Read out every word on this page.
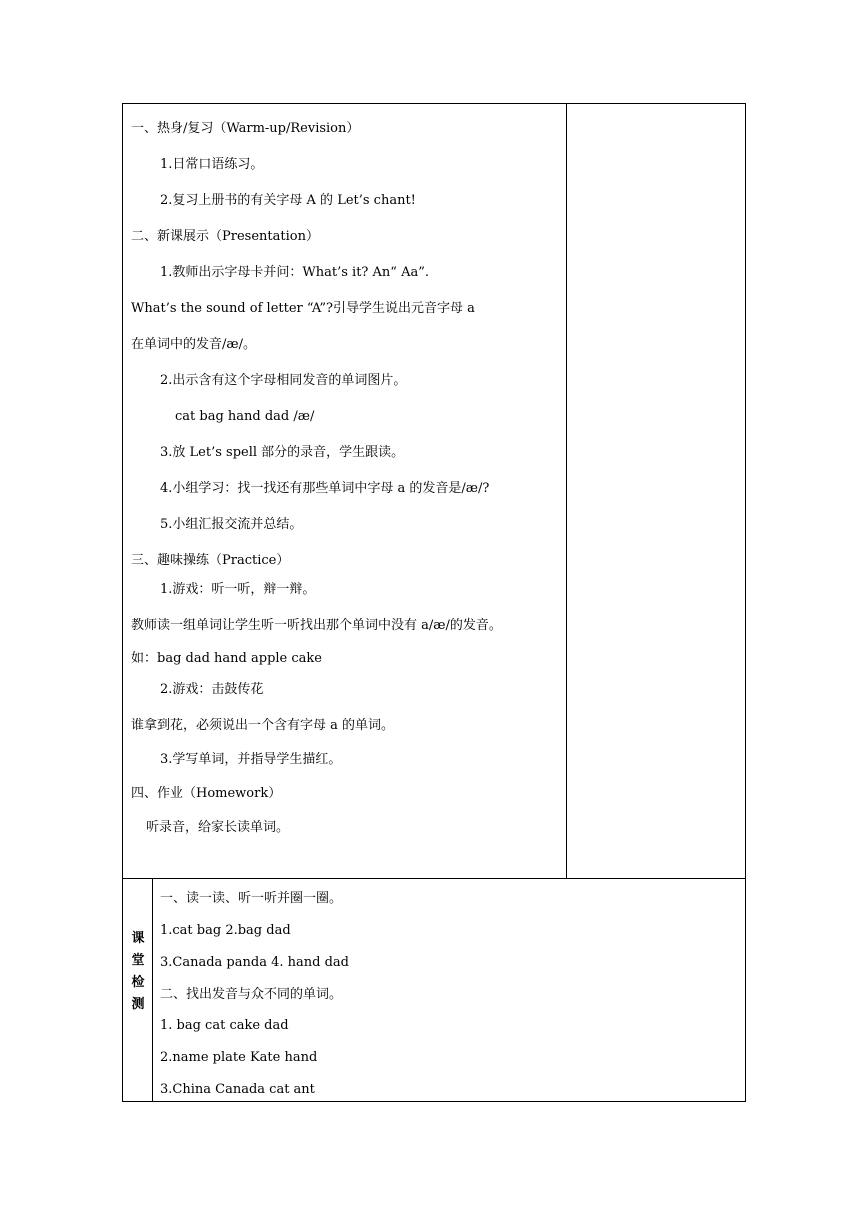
一、热身/复习（Warm-up/Revision）
1.日常口语练习。
2.复习上册书的有关字母 A 的 Let’s chant!
二、新课展示（Presentation）
1.教师出示字母卡并问：What’s it? An“ Aa”.
What’s the sound of letter “A”?引导学生说出元音字母 a
在单词中的发音/æ/。
2.出示含有这个字母相同发音的单词图片。
cat bag hand dad /æ/
3.放 Let’s spell 部分的录音，学生跟读。
4.小组学习：找一找还有那些单词中字母 a 的发音是/æ/?
5.小组汇报交流并总结。
三、趣味操练（Practice）
1.游戏：听一听，辩一辩。
教师读一组单词让学生听一听找出那个单词中没有 a/æ/的发音。
如：bag dad hand apple cake
2.游戏：击鼓传花
谁拿到花，必须说出一个含有字母 a 的单词。
3.学写单词，并指导学生描红。
四、作业（Homework）
听录音，给家长读单词。
课
堂
检
测
一、读一读、听一听并圈一圈。
1.cat bag 2.bag dad
3.Canada panda 4. hand dad
二、找出发音与众不同的单词。
1. bag cat cake dad
2.name plate Kate hand
3.China Canada cat ant
